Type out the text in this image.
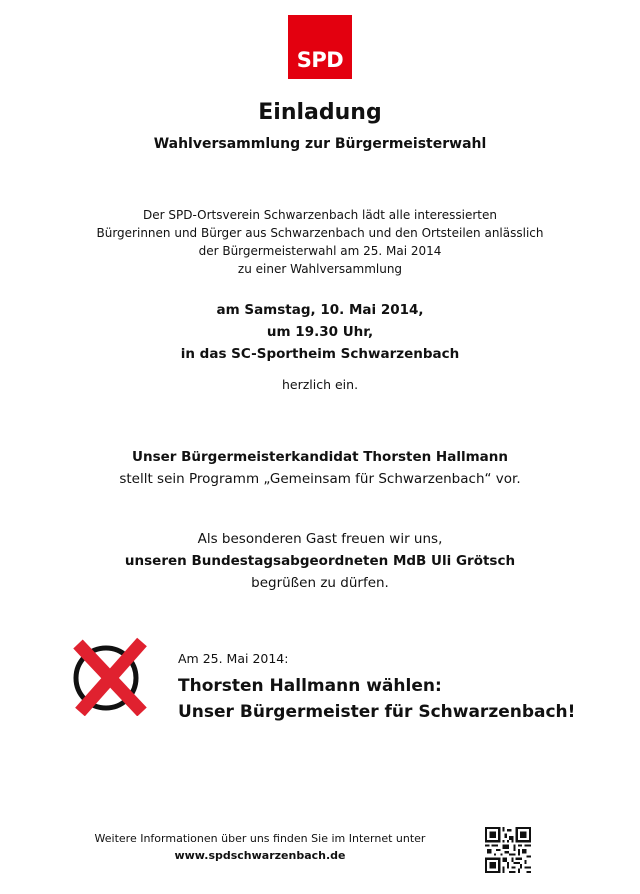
SPD
Einladung
Wahlversammlung zur Bürgermeisterwahl
Der SPD-Ortsverein Schwarzenbach lädt alle interessierten
Bürgerinnen und Bürger aus Schwarzenbach und den Ortsteilen anlässlich
der Bürgermeisterwahl am 25. Mai 2014
zu einer Wahlversammlung
am Samstag, 10. Mai 2014,
um 19.30 Uhr,
in das SC-Sportheim Schwarzenbach
herzlich ein.
Unser Bürgermeisterkandidat Thorsten Hallmann
stellt sein Programm „Gemeinsam für Schwarzenbach“ vor.
Als besonderen Gast freuen wir uns,
unseren Bundestagsabgeordneten MdB Uli Grötsch
begrüßen zu dürfen.
Am 25. Mai 2014:
Thorsten Hallmann wählen:
Unser Bürgermeister für Schwarzenbach!
Weitere Informationen über uns finden Sie im Internet unter
www.spdschwarzenbach.de
